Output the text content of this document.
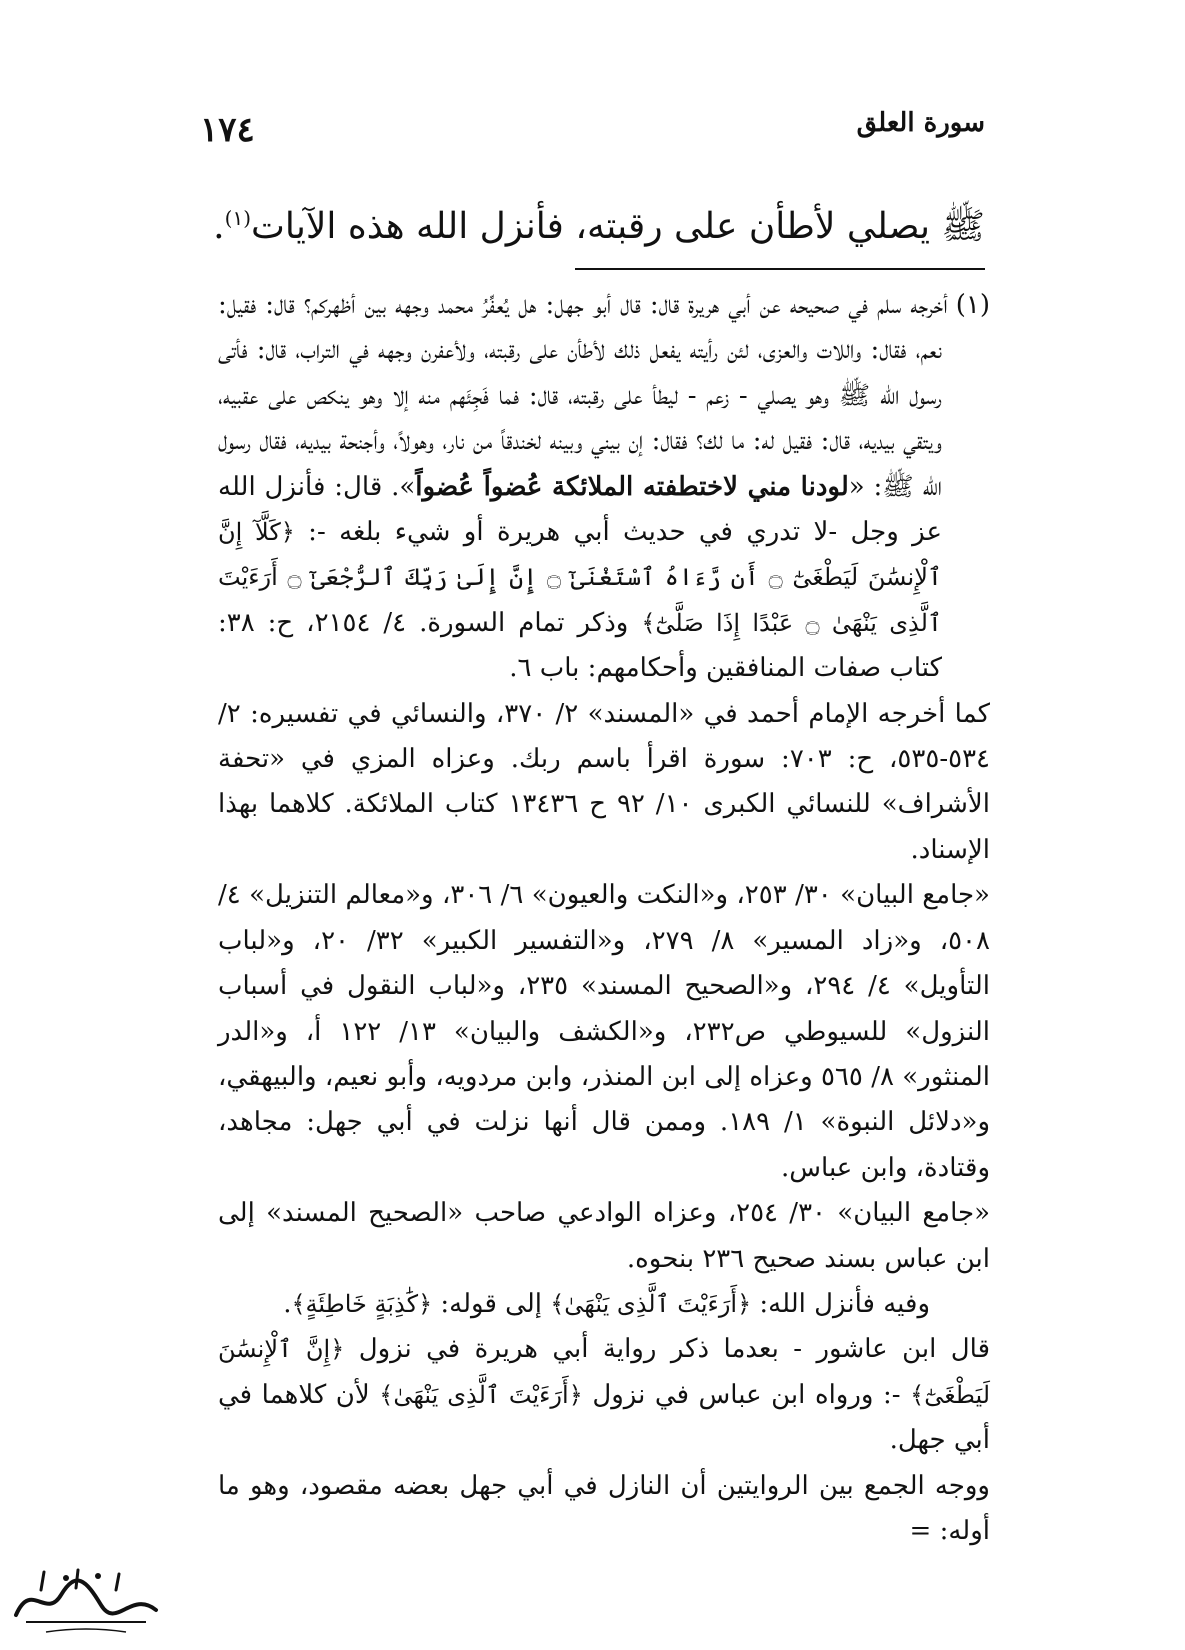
سورة العلق
١٧٤
ﷺ يصلي لأطأن على رقبته، فأنزل الله هذه الآيات$^{(١)}$.

(١)أخرجه سلم في صحيحه عن أبي هريرة قال: قال أبو جهل: هل يُعفِّرُ محمد وجهه بين أظهركم؟ قال: فقيل: نعم، فقال: واللات والعزى، لئن رأيته يفعل ذلك لأطأن على رقبته، ولأعفرن وجهه في التراب، قال: فأتى رسول الله ﷺ وهو يصلي - زعم - ليطأ على رقبته، قال: فما فَجِئَهم منه إلا وهو ينكص على عقبيه، ويتقي بيديه، قال: فقيل له: ما لك؟ فقال: إن بيني وبينه لخندقاً من نار، وهولاً، وأجنحة بيديه، فقال رسول الله ﷺ: «لودنا مني لاختطفته الملائكة عُضواً عُضواً». قال: فأنزل الله عز وجل -لا تدري في حديث أبي هريرة أو شيء بلغه -: ﴿كَلَّآ إِنَّ ٱلْإِنسَٰنَ لَيَطْغَىٰٓ ۝ أَن رَّءَاهُ ٱسْتَغْنَىٰٓ ۝ إِنَّ إِلَىٰ رَبِّكَ ٱلرُّجْعَىٰٓ ۝ أَرَءَيْتَ ٱلَّذِى يَنْهَىٰ ۝ عَبْدًا إِذَا صَلَّىٰٓ﴾ وذكر تمام السورة. ٤/ ٢١٥٤، ح: ٣٨: كتاب صفات المنافقين وأحكامهم: باب ٦.

كما أخرجه الإمام أحمد في «المسند» ٢/ ٣٧٠، والنسائي في تفسيره: ٢/ ٥٣٤-٥٣٥، ح: ٧٠٣: سورة اقرأ باسم ربك. وعزاه المزي في «تحفة الأشراف» للنسائي الكبرى ١٠/ ٩٢ ح ١٣٤٣٦ كتاب الملائكة. كلاهما بهذا الإسناد.

«جامع البيان» ٣٠/ ٢٥٣، و«النكت والعيون» ٦/ ٣٠٦، و«معالم التنزيل» ٤/ ٥٠٨، و«زاد المسير» ٨/ ٢٧٩، و«التفسير الكبير» ٣٢/ ٢٠، و«لباب التأويل» ٤/ ٢٩٤، و«الصحيح المسند» ٢٣٥، و«لباب النقول في أسباب النزول» للسيوطي ص٢٣٢، و«الكشف والبيان» ١٣/ ١٢٢ أ، و«الدر المنثور» ٨/ ٥٦٥ وعزاه إلى ابن المنذر، وابن مردويه، وأبو نعيم، والبيهقي، و«دلائل النبوة» ١/ ١٨٩. وممن قال أنها نزلت في أبي جهل: مجاهد، وقتادة، وابن عباس.

«جامع البيان» ٣٠/ ٢٥٤، وعزاه الوادعي صاحب «الصحيح المسند» إلى ابن عباس بسند صحيح ٢٣٦ بنحوه.

وفيه فأنزل الله: ﴿أَرَءَيْتَ ٱلَّذِى يَنْهَىٰ﴾ إلى قوله: ﴿كَٰذِبَةٍ خَاطِئَةٍ﴾.

قال ابن عاشور - بعدما ذكر رواية أبي هريرة في نزول ﴿إِنَّ ٱلْإِنسَٰنَ لَيَطْغَىٰٓ﴾ -: ورواه ابن عباس في نزول ﴿أَرَءَيْتَ ٱلَّذِى يَنْهَىٰ﴾ لأن كلاهما في أبي جهل.

ووجه الجمع بين الروايتين أن النازل في أبي جهل بعضه مقصود، وهو ما أوله: =
